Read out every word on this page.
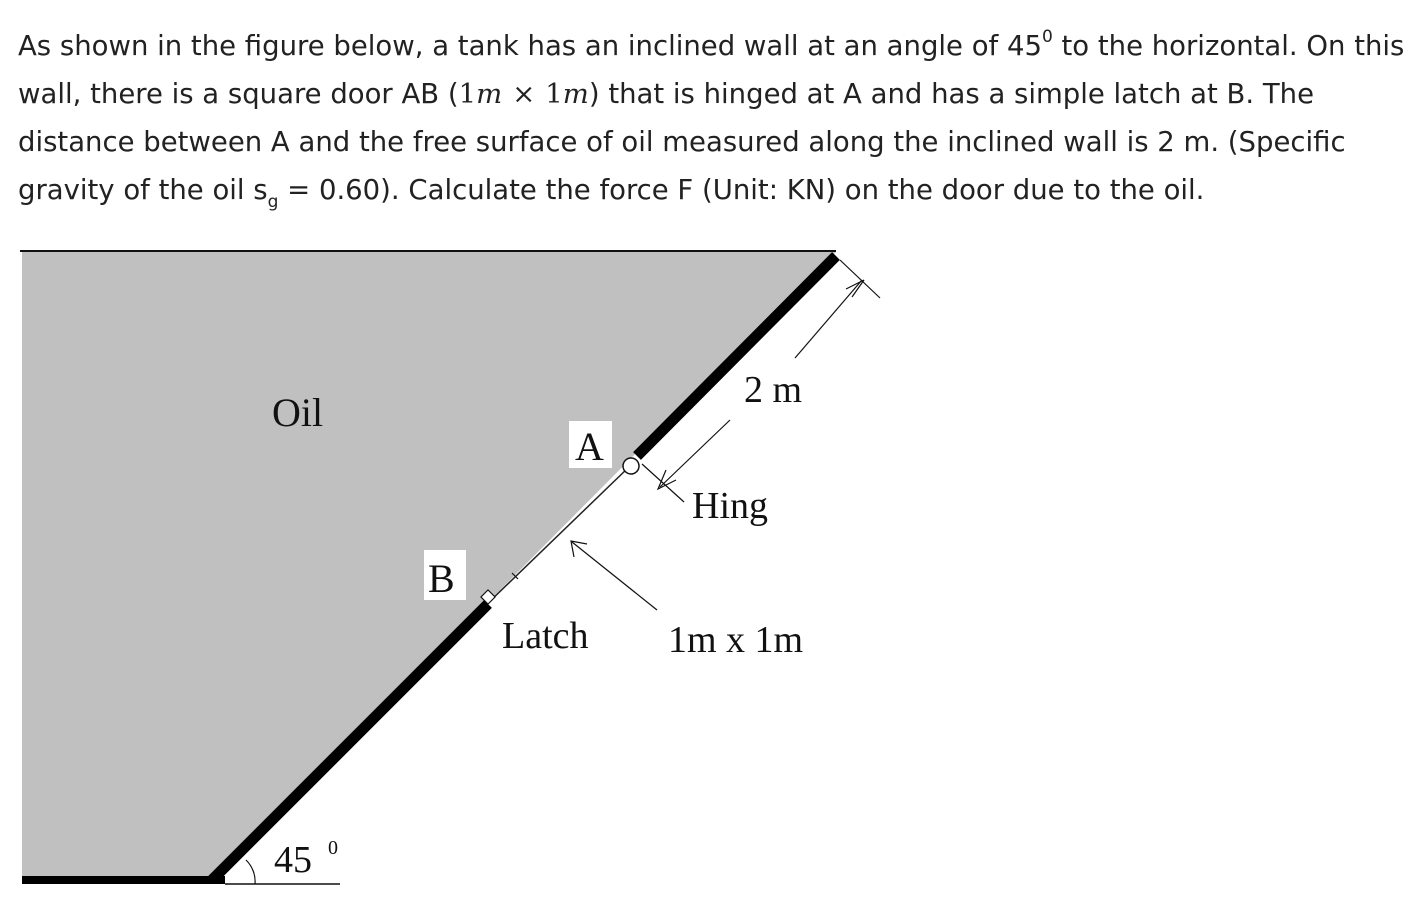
As shown in the figure below, a tank has an inclined wall at an angle of $45^0$ to the horizontal. On this
wall, there is a square door AB (1m × 1m) that is hinged at A and has a simple latch at B. The
distance between A and the free surface of oil measured along the inclined wall is 2 m. (Specific
gravity of the oil $s_g = 0.60$). Calculate the force F (Unit: KN) on the door due to the oil.
Oil
A
B
2 m
Hing
Latch 1m x 1m
45 0
